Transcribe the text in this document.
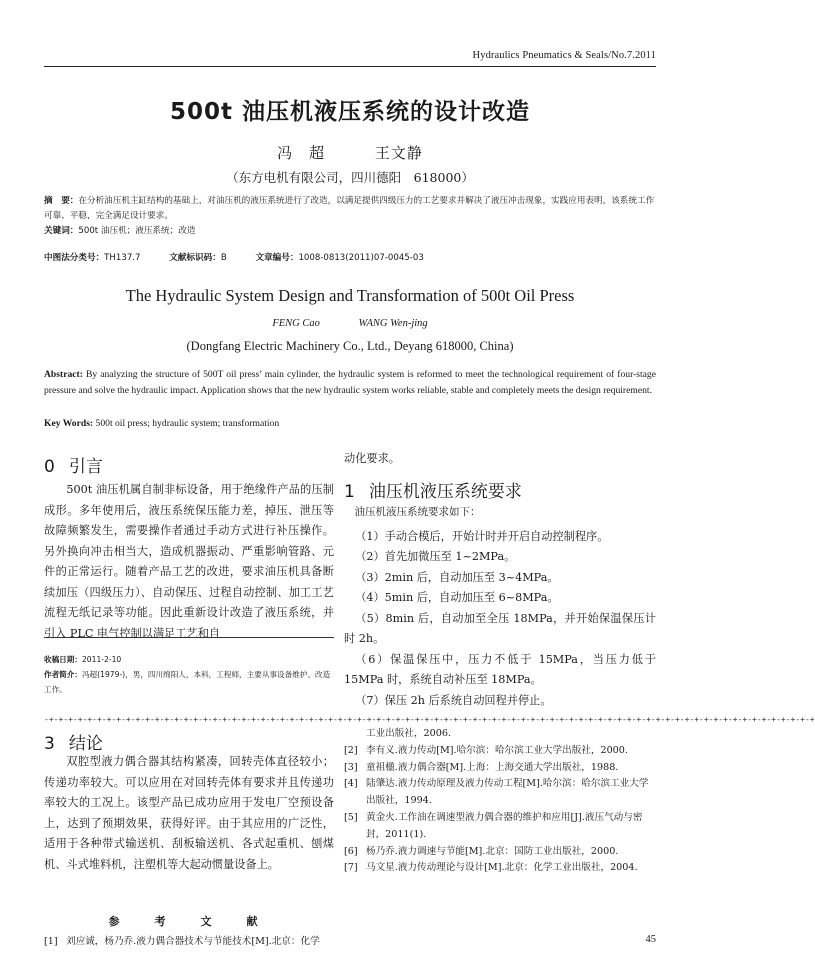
Hydraulics Pneumatics & Seals/No.7.2011
500t 油压机液压系统的设计改造
冯　超	王文静
（东方电机有限公司，四川德阳　618000）
摘　要：在分析油压机主缸结构的基础上，对油压机的液压系统进行了改造，以满足提供四级压力的工艺要求并解决了液压冲击现象，实践应用表明，该系统工作可靠、平稳，完全满足设计要求。
关键词：500t 油压机；液压系统；改造
中图法分类号：TH137.7	文献标识码：B	文章编号：1008-0813(2011)07-0045-03
The Hydraulic System Design and Transformation of 500t Oil Press
FENG Cao	WANG Wen-jing
(Dongfang Electric Machinery Co., Ltd., Deyang 618000, China)
Abstract: By analyzing the structure of 500T oil press’ main cylinder, the hydraulic system is reformed to meet the technological requirement of four-stage pressure and solve the hydraulic impact. Application shows that the new hydraulic system works reliable, stable and completely meets the design requirement.
Key Words: 500t oil press; hydraulic system; transformation
0 引言

500t 油压机属自制非标设备，用于绝缘件产品的压制成形。多年使用后，液压系统保压能力差，掉压、泄压等故障频繁发生，需要操作者通过手动方式进行补压操作。另外换向冲击相当大，造成机器振动、严重影响管路、元件的正常运行。随着产品工艺的改进，要求油压机具备断续加压（四级压力）、自动保压、过程自动控制、加工工艺流程无纸记录等功能。因此重新设计改造了液压系统，并引入 PLC 电气控制以满足工艺和自

收稿日期：2011-2-10
作者简介：冯超(1979-)，男，四川绵阳人，本科，工程师，主要从事设备维护、改造工作。
动化要求。
1 油压机液压系统要求

油压机液压系统要求如下：

（1）手动合模后，开始计时并开启自动控制程序。

（2）首先加微压至 1~2MPa。

（3）2min 后，自动加压至 3~4MPa。

（4）5min 后，自动加压至 6~8MPa。

（5）8min 后，自动加至全压 18MPa，并开始保温保压计时 2h。

（6）保温保压中，压力不低于 15MPa，当压力低于 15MPa 时，系统自动补压至 18MPa。

（7）保压 2h 后系统自动回程并停止。

-+-+-+-+-+-+-+-+-+-+-+-+-+-+-+-+-+-+-+-+-+-+-+-+-+-+-+-+-+-+-+-+-+-+-+-+-+-+-+-+-+-+-+-+-+-+-+-+-+-+-+-+-+-+-+-+-+-+-+-+-+-+-+-+-+-+-+-+-+-+-+-+-+-+-+-+-+-+-+-+
3 结论

双腔型液力偶合器其结构紧凑，回转壳体直径较小；传递功率较大。可以应用在对回转壳体有要求并且传递功率较大的工况上。该型产品已成功应用于发电厂空预设备上，达到了预期效果，获得好评。由于其应用的广泛性，适用于各种带式输送机、刮板输送机、各式起重机、刨煤机、斗式堆料机，注塑机等大起动惯量设备上。

参　考　文　献
[1] 刘应诚，杨乃乔.液力偶合器技术与节能技术[M].北京：化学
工业出版社，2006.
[2] 李有义.液力传动[M].哈尔滨：哈尔滨工业大学出版社，2000.
[3] 童祖楹.液力偶合器[M].上海：上海交通大学出版社，1988.
[4] 陆肇达.液力传动原理及液力传动工程[M].哈尔滨：哈尔滨工业大学出版社，1994.
[5] 黄金火.工作油在调速型液力偶合器的维护和应用[J].液压气动与密封，2011(1).
[6] 杨乃乔.液力调速与节能[M].北京：国防工业出版社，2000.
[7] 马文星.液力传动理论与设计[M].北京：化学工业出版社，2004.
45
